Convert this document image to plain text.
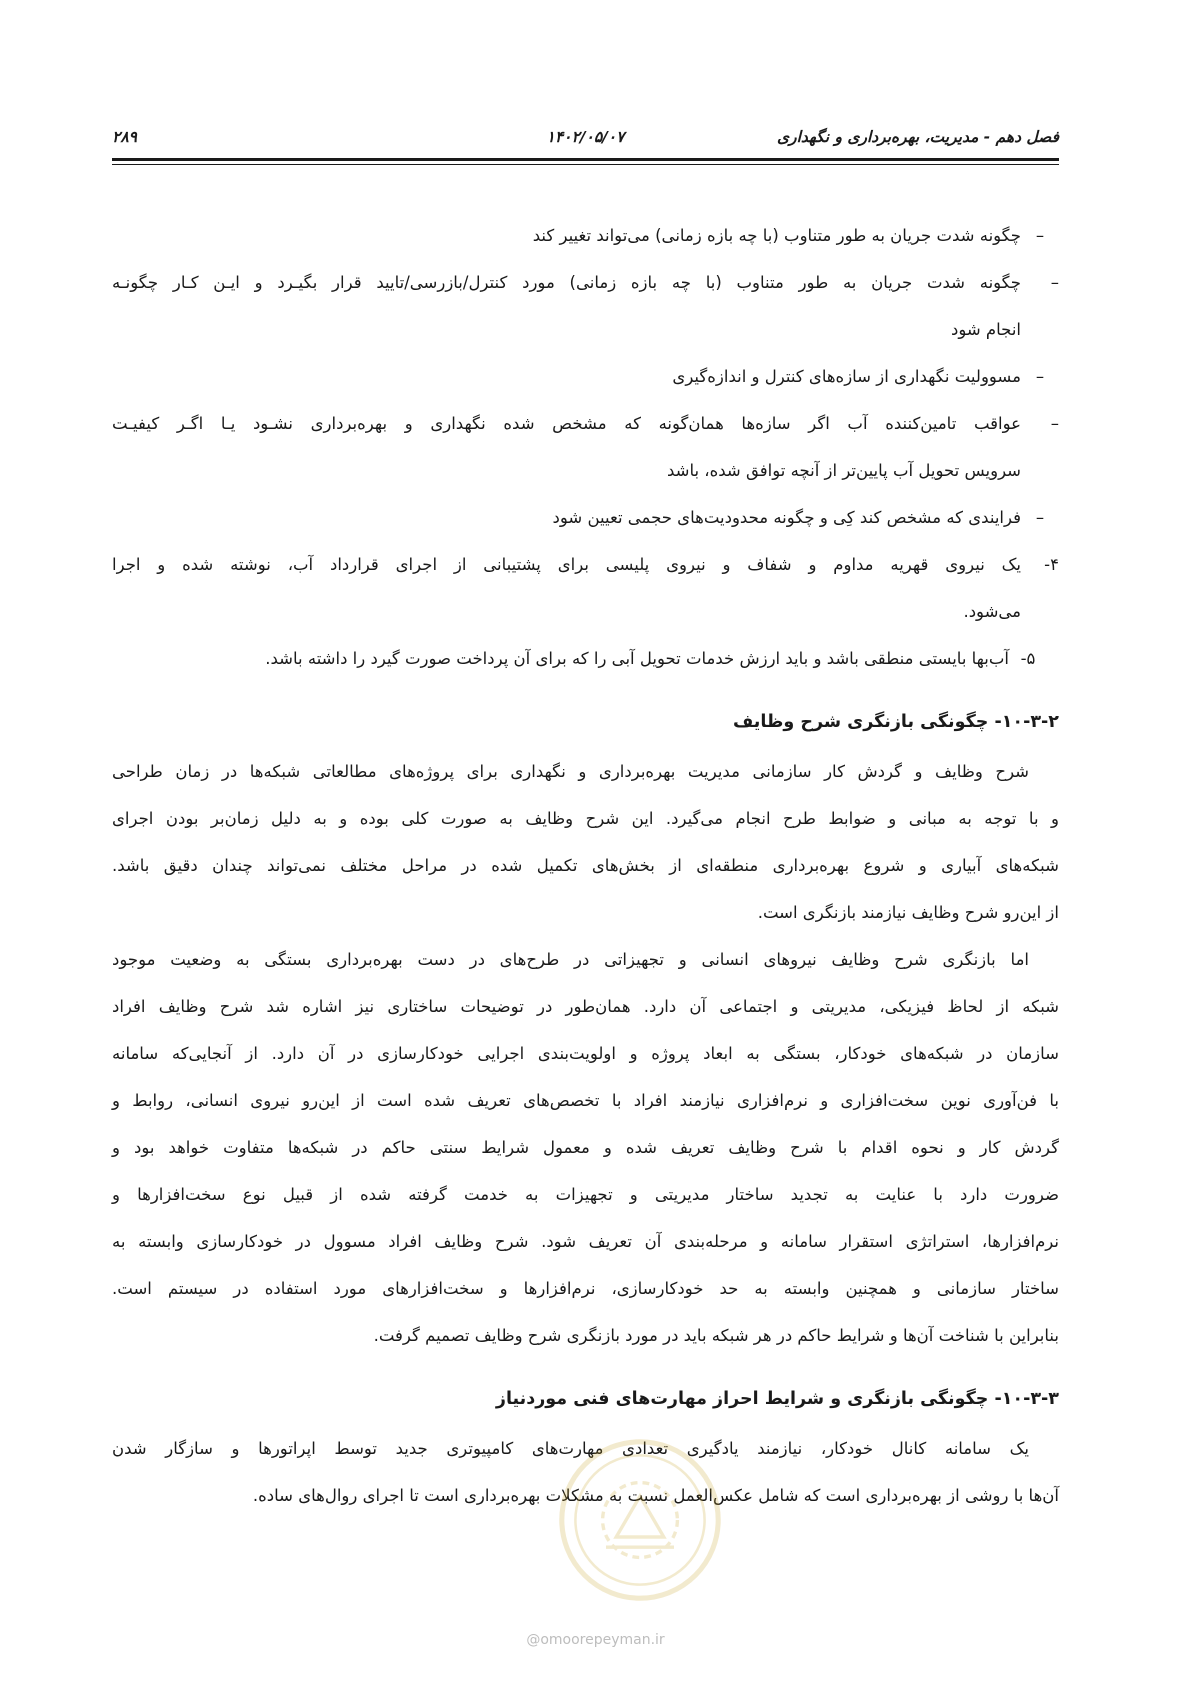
فصل دهم - مدیریت، بهره‌برداری و نگهداری
۱۴۰۲/۰۵/۰۷
۲۸۹
–چگونه شدت جریان به طور متناوب (با چه بازه زمانی) می‌تواند تغییر کند
–چگونه شدت جریان به طور متناوب (با چه بازه زمانی) مورد کنترل/بازرسی/تایید قرار بگیـرد و ایـن کـار چگونـه
انجام شود
–مسوولیت نگهداری از سازه‌های کنترل و اندازه‌گیری
–عواقب تامین‌کننده آب اگر سازه‌ها همان‌گونه که مشخص شده نگهداری و بهره‌برداری نشـود یـا اگـر کیفیـت
سرویس تحویل آب پایین‌تر از آنچه توافق شده، باشد
–فرایندی که مشخص کند کِی و چگونه محدودیت‌های حجمی تعیین شود
۴-یک نیروی قهریه مداوم و شفاف و نیروی پلیسی برای پشتیبانی از اجرای قرارداد آب، نوشته شده و اجرا
می‌شود.
۵-آب‌بها بایستی منطقی باشد و باید ارزش خدمات تحویل آبی را که برای آن پرداخت صورت گیرد را داشته باشد.
۱۰-۳-۲- چگونگی بازنگری شرح وظایف
شرح وظایف و گردش کار سازمانی مدیریت بهره‌برداری و نگهداری برای پروژه‌های مطالعاتی شبکه‌ها در زمان طراحی
و با توجه به مبانی و ضوابط طرح انجام می‌گیرد. این شرح وظایف به صورت کلی بوده و به دلیل زمان‌بر بودن اجرای
شبکه‌های آبیاری و شروع بهره‌برداری منطقه‌ای از بخش‌های تکمیل شده در مراحل مختلف نمی‌تواند چندان دقیق باشد.
از این‌رو شرح وظایف نیازمند بازنگری است.
اما بازنگری شرح وظایف نیروهای انسانی و تجهیزاتی در طرح‌های در دست بهره‌برداری بستگی به وضعیت موجود
شبکه از لحاظ فیزیکی، مدیریتی و اجتماعی آن دارد. همان‌طور در توضیحات ساختاری نیز اشاره شد شرح وظایف افراد
سازمان در شبکه‌های خودکار، بستگی به ابعاد پروژه و اولویت‌بندی اجرایی خودکارسازی در آن دارد. از آنجایی‌که سامانه
با فن‌آوری نوین سخت‌افزاری و نرم‌افزاری نیازمند افراد با تخصص‌های تعریف شده است از این‌رو نیروی انسانی، روابط و
گردش کار و نحوه اقدام با شرح وظایف تعریف شده و معمول شرایط سنتی حاکم در شبکه‌ها متفاوت خواهد بود و
ضرورت دارد با عنایت به تجدید ساختار مدیریتی و تجهیزات به خدمت گرفته شده از قبیل نوع سخت‌افزارها و
نرم‌افزارها، استراتژی استقرار سامانه و مرحله‌بندی آن تعریف شود. شرح وظایف افراد مسوول در خودکارسازی وابسته به
ساختار سازمانی و همچنین وابسته به حد خودکارسازی، نرم‌افزارها و سخت‌افزارهای مورد استفاده در سیستم است.
بنابراین با شناخت آن‌ها و شرایط حاکم در هر شبکه باید در مورد بازنگری شرح وظایف تصمیم گرفت.
۱۰-۳-۳- چگونگی بازنگری و شرایط احراز مهارت‌های فنی موردنیاز
یک سامانه کانال خودکار، نیازمند یادگیری تعدادی مهارت‌های کامپیوتری جدید توسط اپراتورها و سازگار شدن
آن‌ها با روشی از بهره‌برداری است که شامل عکس‌العمل نسبت به مشکلات بهره‌برداری است تا اجرای روال‌های ساده.
@omoorepeyman.ir
